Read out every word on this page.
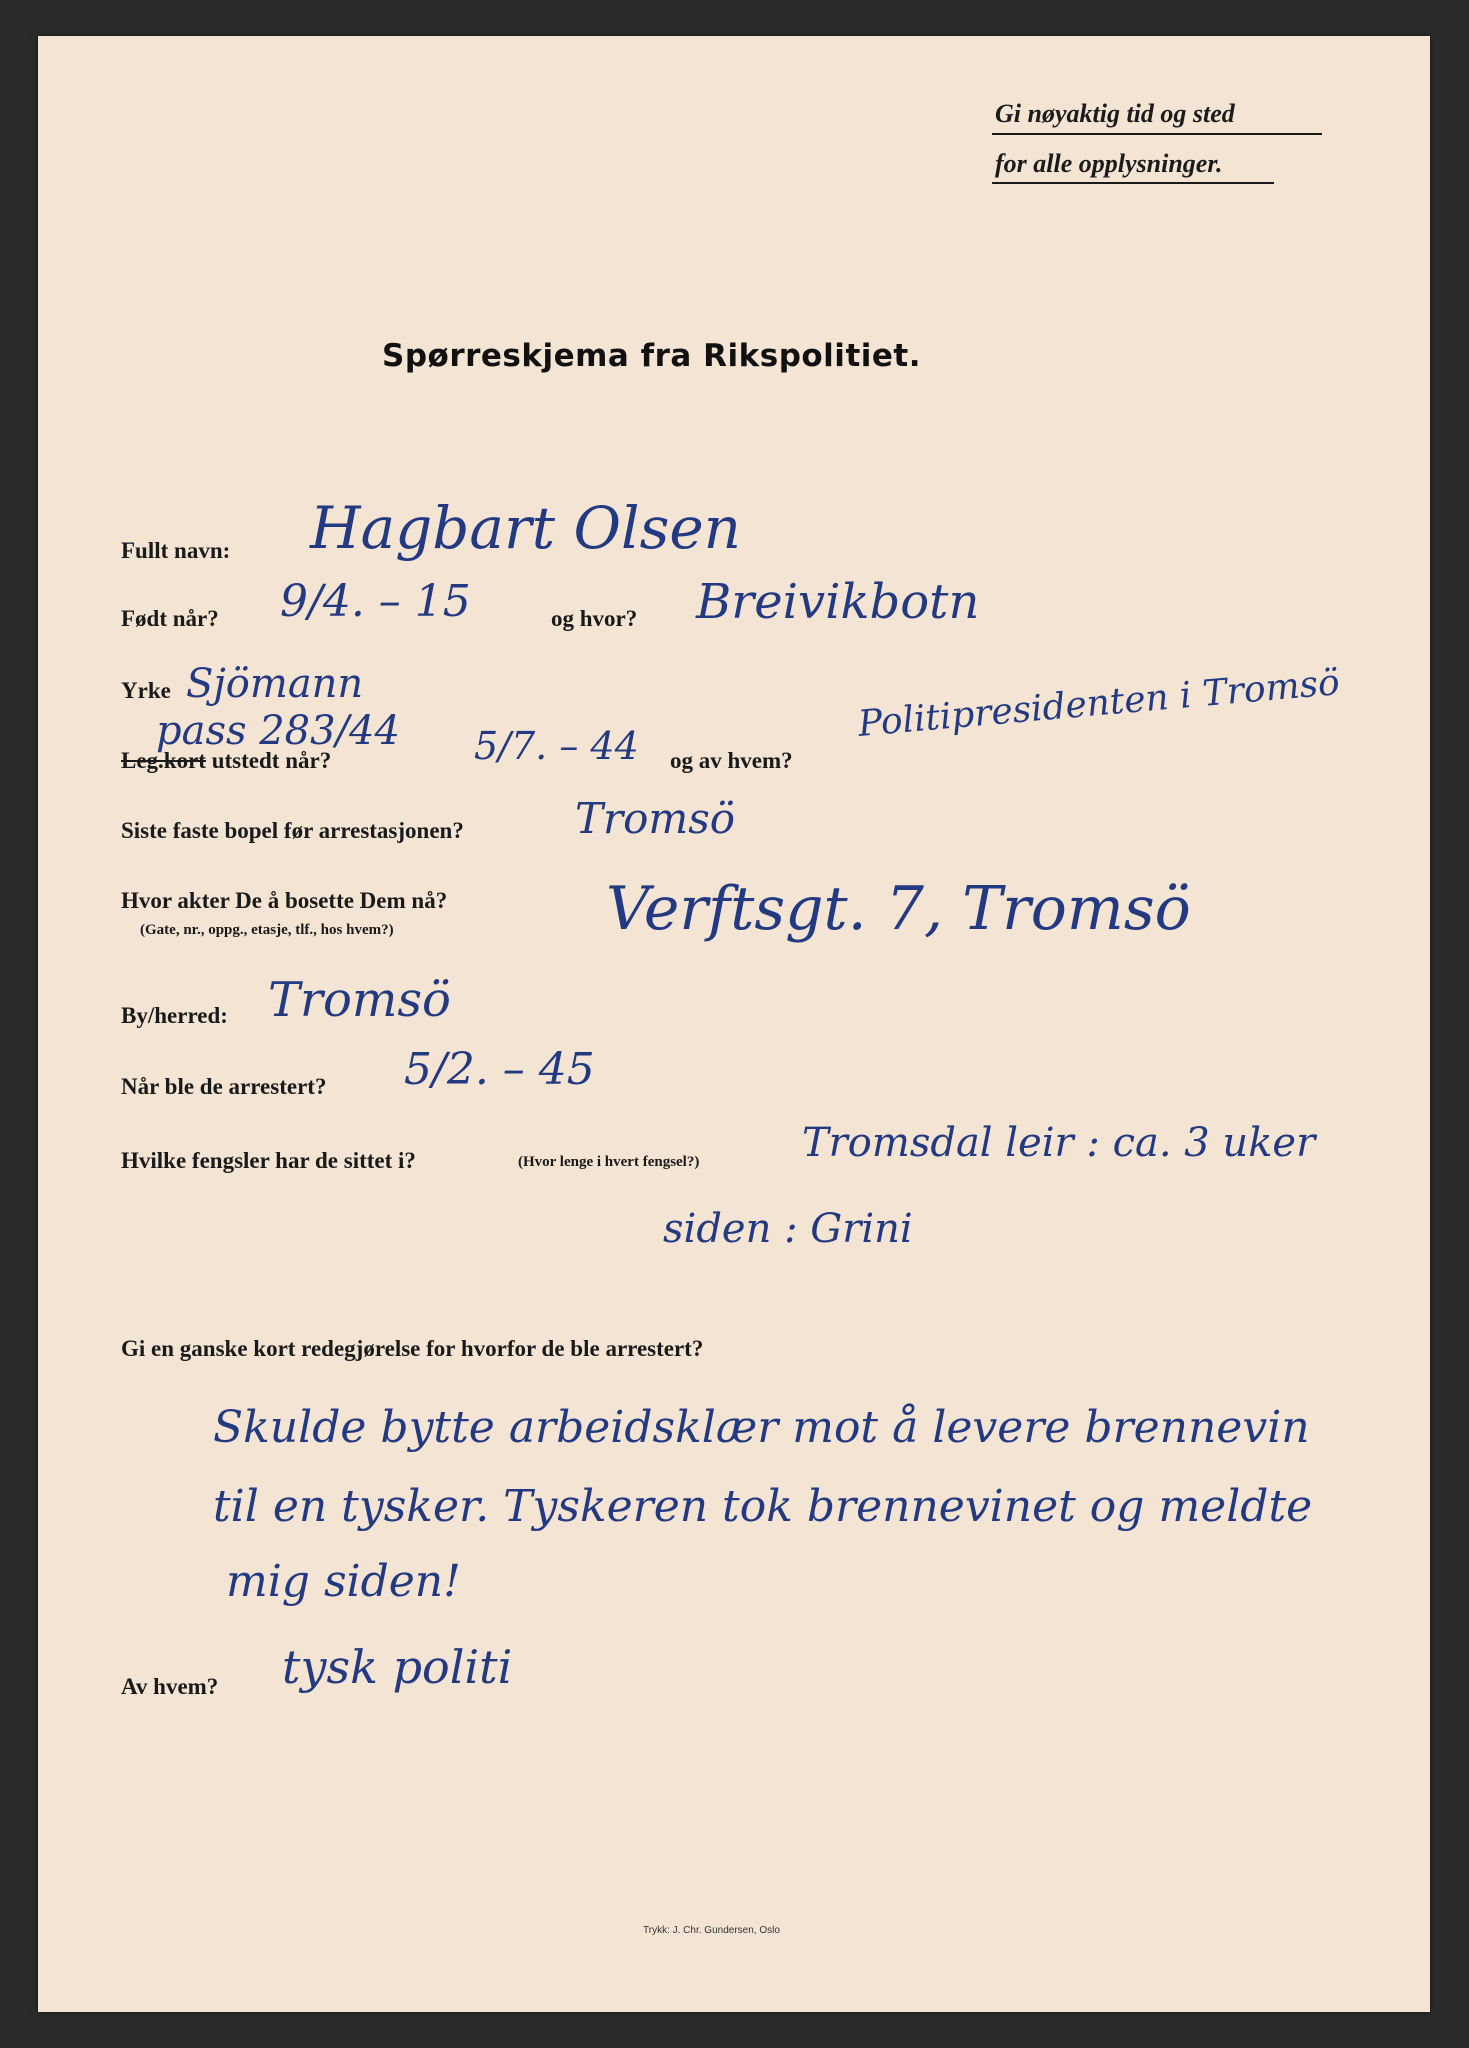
Gi nøyaktig tid og sted
for alle opplysninger.
Spørreskjema fra Rikspolitiet.
Fullt navn: Hagbart Olsen
Født når? 9/4. – 15	og hvor? Breivikbotn
Yrke Sjömann
pass 283/44
Leg.kort utstedt når?	5/7. – 44 og av hvem?
Politipresidenten i Tromsö
Siste faste bopel før arrestasjonen?	Tromsö
Hvor akter De å bosette Dem nå?
(Gate, nr., oppg., etasje, tlf., hos hvem?)	Verftsgt. 7, Tromsö
By/herred: Tromsö
Når ble de arrestert? 5/2. – 45
Hvilke fengsler har de sittet i?	(Hvor lenge i hvert fengsel?)	Tromsdal leir : ca. 3 uker
siden : Grini
Gi en ganske kort redegjørelse for hvorfor de ble arrestert?
Skulde bytte arbeidsklær mot å levere brennevin
til en tysker. Tyskeren tok brennevinet og meldte
mig siden!
Av hvem? tysk politi
Trykk: J. Chr. Gundersen, Oslo
